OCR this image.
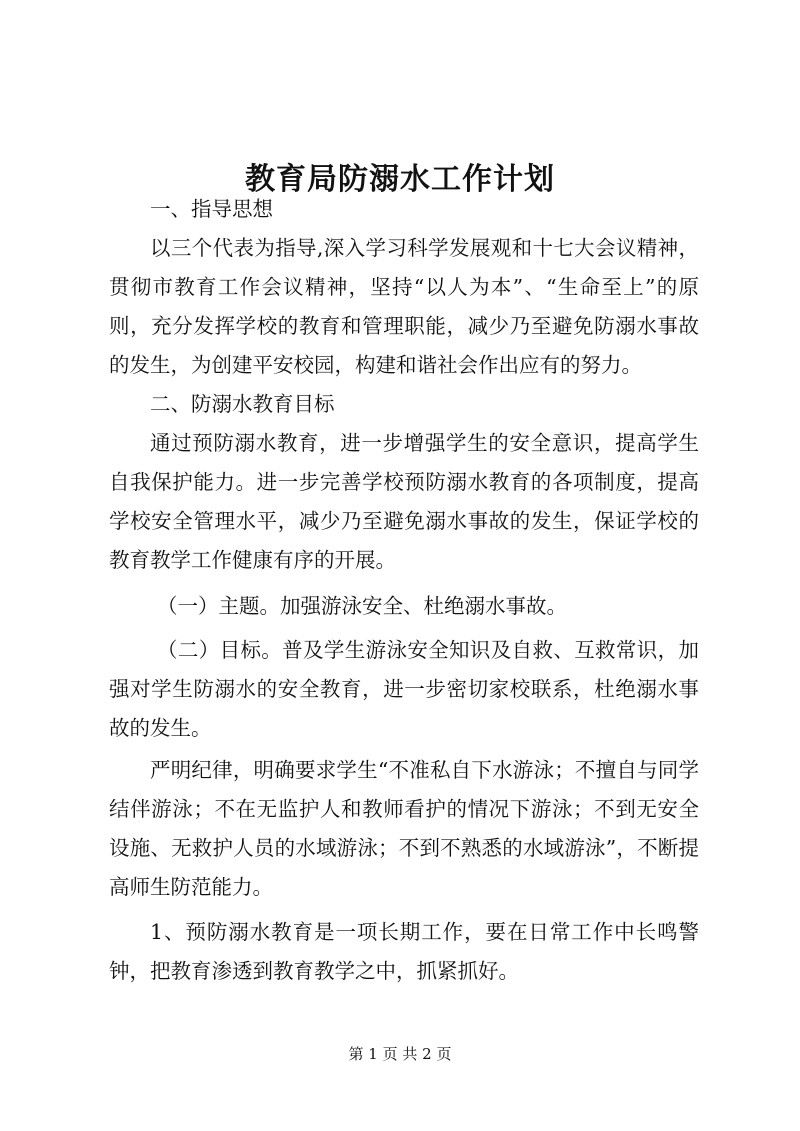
教育局防溺水工作计划

一、指导思想

以三个代表为指导,深入学习科学发展观和十七大会议精神，贯彻市教育工作会议精神，坚持“以人为本”、“生命至上”的原则，充分发挥学校的教育和管理职能，减少乃至避免防溺水事故的发生，为创建平安校园，构建和谐社会作出应有的努力。

二、防溺水教育目标

通过预防溺水教育，进一步增强学生的安全意识，提高学生自我保护能力。进一步完善学校预防溺水教育的各项制度，提高学校安全管理水平，减少乃至避免溺水事故的发生，保证学校的教育教学工作健康有序的开展。

（一）主题。加强游泳安全、杜绝溺水事故。

（二）目标。普及学生游泳安全知识及自救、互救常识，加强对学生防溺水的安全教育，进一步密切家校联系，杜绝溺水事故的发生。

严明纪律，明确要求学生“不准私自下水游泳；不擅自与同学结伴游泳；不在无监护人和教师看护的情况下游泳；不到无安全设施、无救护人员的水域游泳；不到不熟悉的水域游泳”，不断提高师生防范能力。

1、预防溺水教育是一项长期工作，要在日常工作中长鸣警钟，把教育渗透到教育教学之中，抓紧抓好。

第 1 页 共 2 页
